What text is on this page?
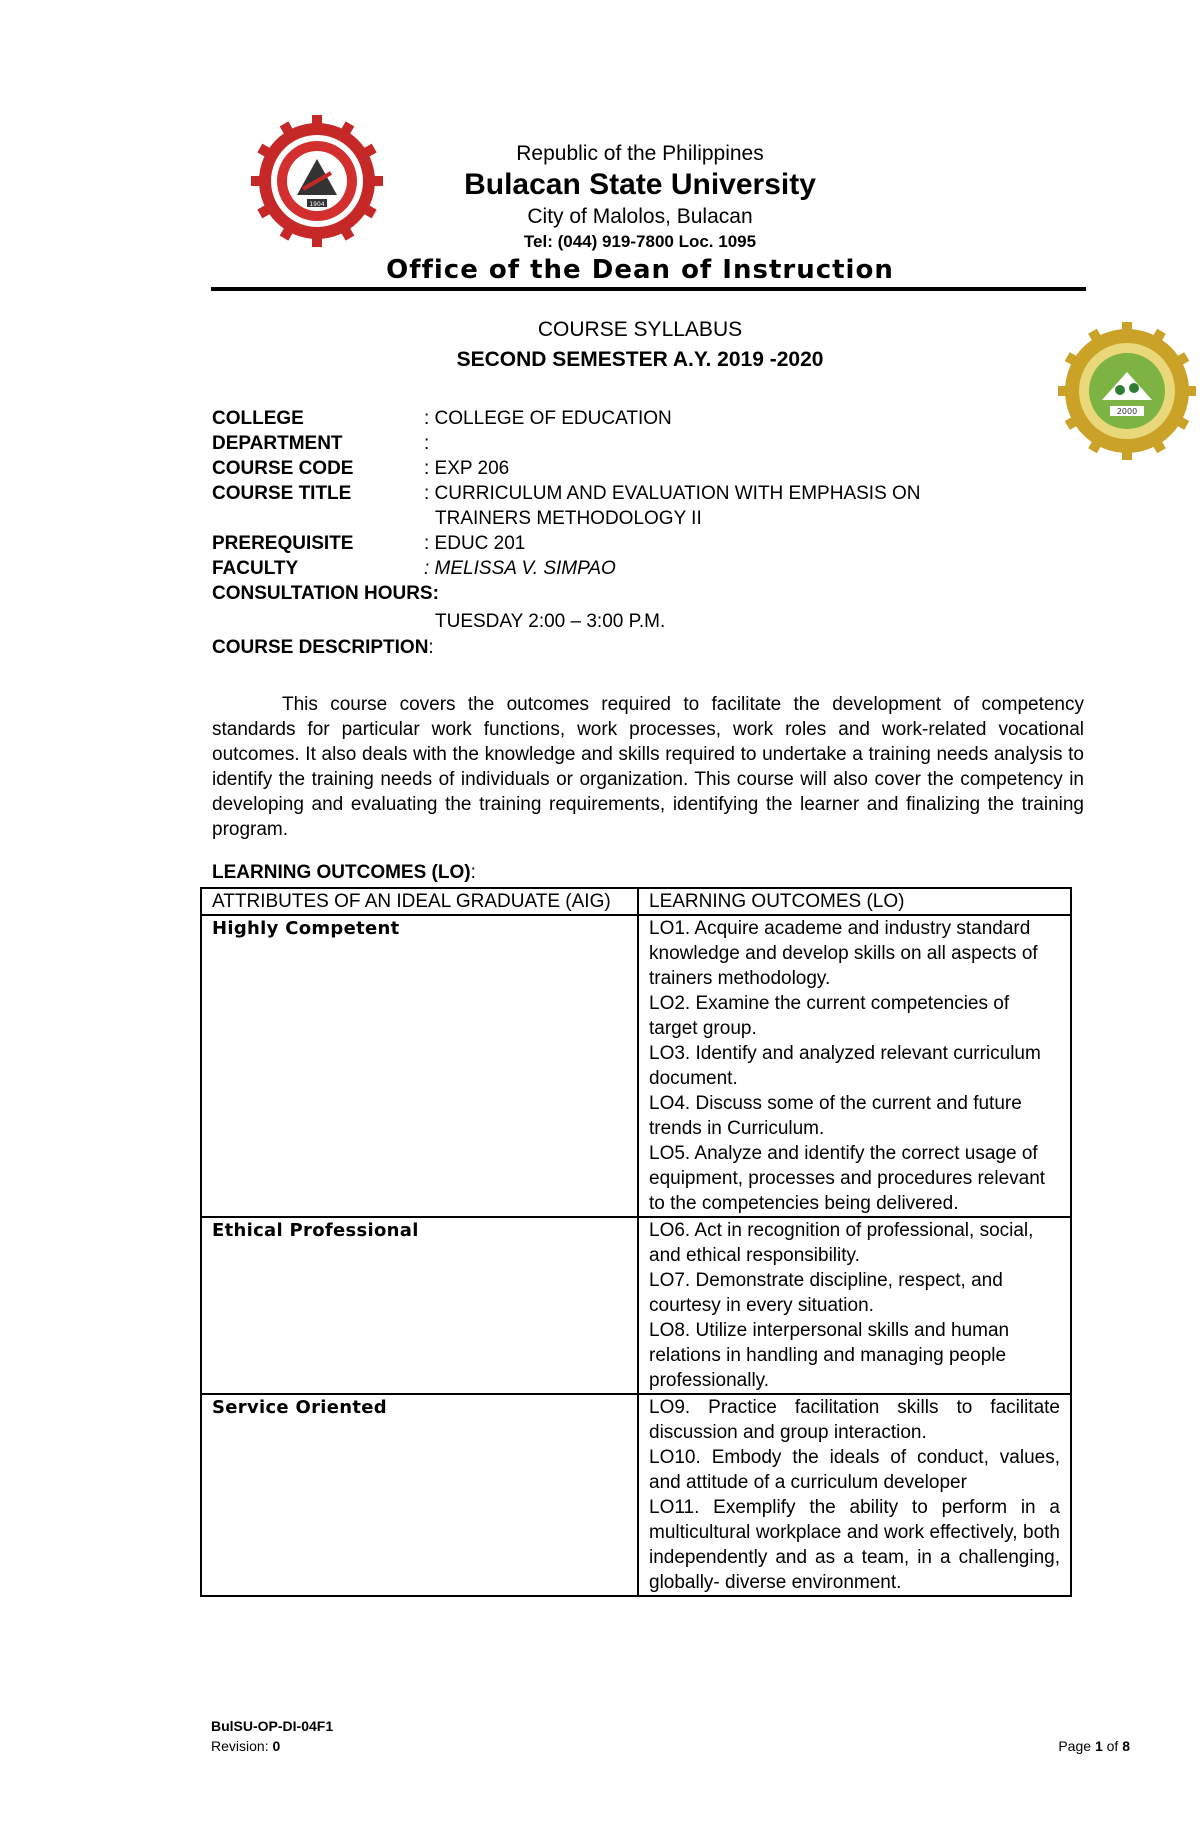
1904
2000
Republic of the Philippines
Bulacan State University
City of Malolos, Bulacan
Tel: (044) 919-7800 Loc. 1095
Office of the Dean of Instruction
COURSE SYLLABUS
SECOND SEMESTER A.Y. 2019 -2020
COLLEGE	: COLLEGE OF EDUCATION
DEPARTMENT	:
COURSE CODE	: EXP 206
COURSE TITLE	: CURRICULUM AND EVALUATION WITH EMPHASIS ON
TRAINERS METHODOLOGY II
PREREQUISITE	: EDUC 201
FACULTY	: MELISSA V. SIMPAO
CONSULTATION HOURS:
TUESDAY 2:00 – 3:00 P.M.
COURSE DESCRIPTION:
This course covers the outcomes required to facilitate the development of competency standards for particular work functions, work processes, work roles and work-related vocational outcomes. It also deals with the knowledge and skills required to undertake a training needs analysis to identify the training needs of individuals or organization. This course will also cover the competency in developing and evaluating the training requirements, identifying the learner and finalizing the training program.
LEARNING OUTCOMES (LO):
ATTRIBUTES OF AN IDEAL GRADUATE (AIG)	LEARNING OUTCOMES (LO)
Highly Competent	LO1. Acquire academe and industry standard knowledge and develop skills on all aspects of trainers methodology.
LO2. Examine the current competencies of target group.
LO3. Identify and analyzed relevant curriculum document.
LO4. Discuss some of the current and future trends in Curriculum.
LO5. Analyze and identify the correct usage of equipment, processes and procedures relevant to the competencies being delivered.

Ethical Professional	LO6. Act in recognition of professional, social, and ethical responsibility.
LO7. Demonstrate discipline, respect, and courtesy in every situation.
LO8. Utilize interpersonal skills and human relations in handling and managing people professionally.

Service Oriented	LO9. Practice facilitation skills to facilitate discussion and group interaction.
LO10. Embody the ideals of conduct, values, and attitude of a curriculum developer
LO11. Exemplify the ability to perform in a multicultural workplace and work effectively, both independently and as a team, in a challenging, globally- diverse environment.
BulSU-OP-DI-04F1
Revision: 0	Page 1 of 8
